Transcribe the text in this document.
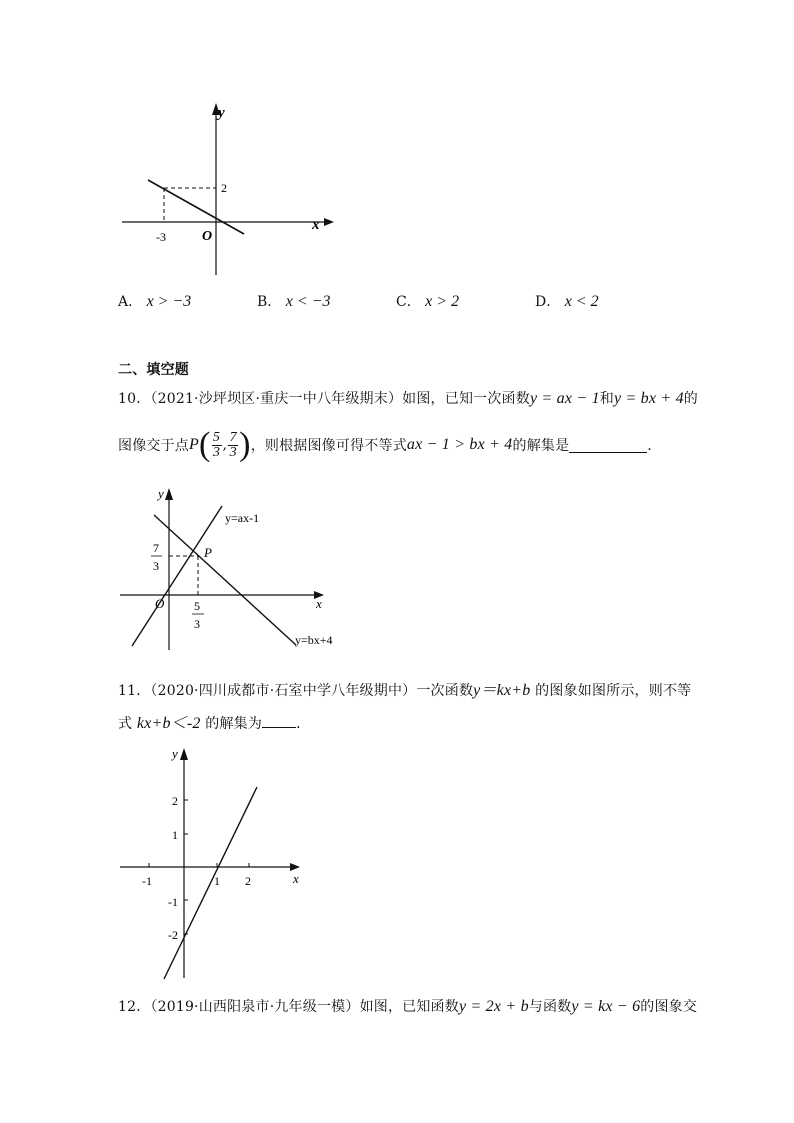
y
x
O
2
-3
A． x > −3	B． x < −3	C． x > 2	D． x < 2
二、填空题
10．（2021·沙坪坝区·重庆一中八年级期末）如图，已知一次函数y = ax − 1和y = bx + 4的
图像交于点 P ( $\frac{5}{3}$ , $\frac{7}{3}$ ) ，则根据图像可得不等式 ax − 1 > bx + 4 的解集是	．
y
x
O
P
y=ax-1
y=bx+4
7
3
5
3
11．（2020·四川成都市·石室中学八年级期中）一次函数y＝kx+b 的图象如图所示，则不等
式 kx+b＜-2 的解集为 ．
y
x
2
1
-1
-2
-1	1 2
12．（2019·山西阳泉市·九年级一模）如图，已知函数y = 2x + b与函数y = kx − 6的图象交
